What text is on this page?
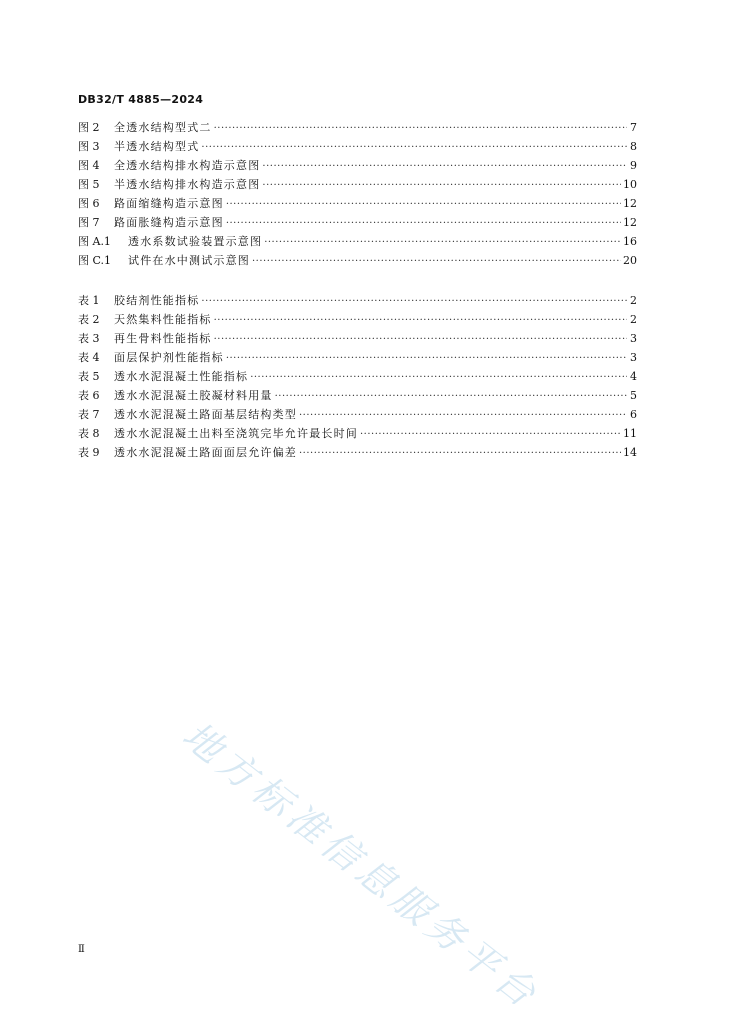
DB32/T 4885—2024
图 2	全透水结构型式二 ·····	7
图 3	半透水结构型式 ·····	8
图 4	全透水结构排水构造示意图 ·····	9
图 5	半透水结构排水构造示意图 ·····	10
图 6	路面缩缝构造示意图 ·····	12
图 7	路面胀缝构造示意图 ·····	12
图 A.1	透水系数试验装置示意图 ·····	16
图 C.1	试件在水中测试示意图 ·····	20
表 1	胶结剂性能指标 ·····	2
表 2	天然集料性能指标 ·····	2
表 3	再生骨料性能指标 ·····	3
表 4	面层保护剂性能指标 ·····	3
表 5	透水水泥混凝土性能指标 ·····	4
表 6	透水水泥混凝土胶凝材料用量 ·····	5
表 7	透水水泥混凝土路面基层结构类型 ·····	6
表 8	透水水泥混凝土出料至浇筑完毕允许最长时间 ·····	11
表 9	透水水泥混凝土路面面层允许偏差 ·····	14
地方标准信息服务平台
Ⅱ
